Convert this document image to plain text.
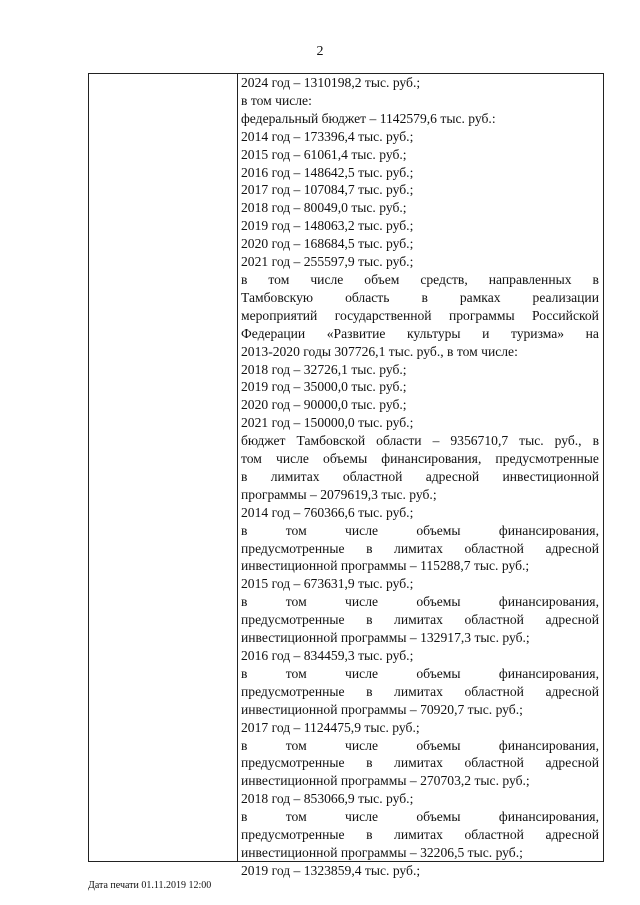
2
2024 год – 1310198,2 тыс. руб.;
в том числе:
федеральный бюджет – 1142579,6 тыс. руб.:
2014 год – 173396,4 тыс. руб.;
2015 год – 61061,4 тыс. руб.;
2016 год – 148642,5 тыс. руб.;
2017 год – 107084,7 тыс. руб.;
2018 год – 80049,0 тыс. руб.;
2019 год – 148063,2 тыс. руб.;
2020 год – 168684,5 тыс. руб.;
2021 год – 255597,9 тыс. руб.;
в том числе объем средств, направленных в
Тамбовскую область в рамках реализации
мероприятий государственной программы Российской
Федерации «Развитие культуры и туризма» на
2013-2020 годы 307726,1 тыс. руб., в том числе:
2018 год – 32726,1 тыс. руб.;
2019 год – 35000,0 тыс. руб.;
2020 год – 90000,0 тыс. руб.;
2021 год – 150000,0 тыс. руб.;
бюджет Тамбовской области – 9356710,7 тыс. руб., в
том числе объемы финансирования, предусмотренные
в лимитах областной адресной инвестиционной
программы – 2079619,3 тыс. руб.;
2014 год – 760366,6 тыс. руб.;
в	том	числе	объемы	финансирования,
предусмотренные в лимитах областной адресной
инвестиционной программы – 115288,7 тыс. руб.;
2015 год – 673631,9 тыс. руб.;
в	том	числе	объемы	финансирования,
предусмотренные в лимитах областной адресной
инвестиционной программы – 132917,3 тыс. руб.;
2016 год – 834459,3 тыс. руб.;
в	том	числе	объемы	финансирования,
предусмотренные в лимитах областной адресной
инвестиционной программы – 70920,7 тыс. руб.;
2017 год – 1124475,9 тыс. руб.;
в	том	числе	объемы	финансирования,
предусмотренные в лимитах областной адресной
инвестиционной программы – 270703,2 тыс. руб.;
2018 год – 853066,9 тыс. руб.;
в	том	числе	объемы	финансирования,
предусмотренные в лимитах областной адресной
инвестиционной программы – 32206,5 тыс. руб.;
2019 год – 1323859,4 тыс. руб.;
Дата печати 01.11.2019 12:00
